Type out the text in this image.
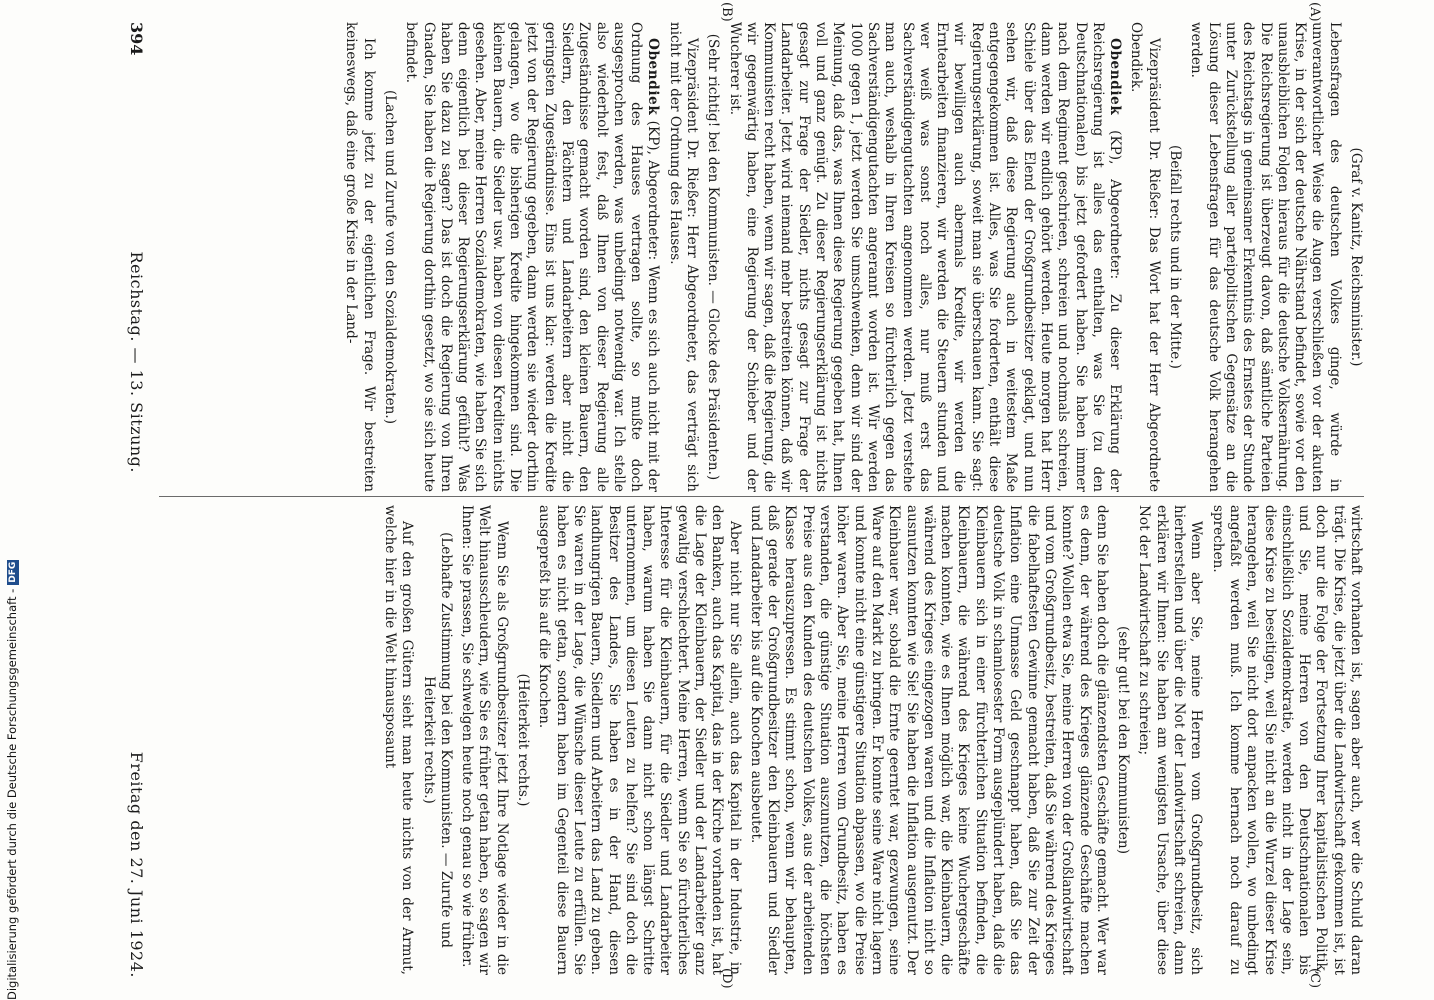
394
Reichstag. — 13. Sitzung.
Freitag den 27. Juni 1924.

(Graf v. Kanitz, Reichsminister.)

Lebensfragen des deutschen Volkes ginge, würde in unverantwortlicher Weise die Augen verschließen vor der akuten Krise, in der sich der deutsche Nährstand befindet, sowie vor den unausbleiblichen Folgen hieraus für die deutsche Volksernährung. Die Reichsregierung ist überzeugt davon, daß sämtliche Parteien des Reichstags in gemeinsamer Erkenntnis des Ernstes der Stunde unter Zurückstellung aller parteipolitischen Gegensätze an die Lösung dieser Lebensfragen für das deutsche Volk herangehen werden.

(Beifall rechts und in der Mitte.)

Vizepräsident Dr. Rießer: Das Wort hat der Herr Abgeordnete Obendiek.

Obendiek (KP), Abgeordneter: Zu dieser Erklärung der Reichsregierung ist alles das enthalten, was Sie (zu den Deutschnationalen) bis jetzt gefordert haben. Sie haben immer nach dem Regiment geschrieen, schreien und nochmals schreien, dann werden wir endlich gehört werden. Heute morgen hat Herr Schiele über das Elend der Großgrundbesitzer geklagt, und nun sehen wir, daß diese Regierung auch in weitestem Maße entgegengekommen ist. Alles, was Sie forderten, enthält diese Regierungserklärung, soweit man sie überschauen kann. Sie sagt: wir bewilligen auch abermals Kredite, wir werden die Erntearbeiten finanzieren, wir werden die Steuern stunden und wer weiß was sonst noch alles, nur muß erst das Sachverständigengutachten angenommen werden. Jetzt verstehe man auch, weshalb in Ihren Kreisen so fürchterlich gegen das Sachverständigengutachten angerannt worden ist. Wir werden 1000 gegen 1, jetzt werden Sie umschwenken, denn wir sind der Meinung, daß das, was Ihnen diese Regierung gegeben hat, Ihnen voll und ganz genügt. Zu dieser Regierungserklärung ist nichts gesagt zur Frage der Siedler, nichts gesagt zur Frage der Landarbeiter. Jetzt wird niemand mehr bestreiten können, daß wir Kommunisten recht haben, wenn wir sagen, daß die Regierung, die wir gegenwärtig haben, eine Regierung der Schieber und der Wucherer ist.

(Sehr richtig! bei den Kommunisten. — Glocke des Präsidenten.)

Vizepräsident Dr. Rießer: Herr Abgeordneter, das verträgt sich nicht mit der Ordnung des Hauses.

Obendiek (KP), Abgeordneter: Wenn es sich auch nicht mit der Ordnung des Hauses vertragen sollte, so mußte doch ausgesprochen werden, was unbedingt notwendig war. Ich stelle also wiederholt fest, daß Ihnen von dieser Regierung alle Zugeständnisse gemacht worden sind, den kleinen Bauern, den Siedlern, den Pächtern und Landarbeitern aber nicht die geringsten Zugeständnisse. Eins ist uns klar: werden die Kredite jetzt von der Regierung gegeben, dann werden sie wieder dorthin gelangen, wo die bisherigen Kredite hingekommen sind. Die kleinen Bauern, die Siedler usw. haben von diesen Krediten nichts gesehen. Aber, meine Herren Sozialdemokraten, wie haben Sie sich denn eigentlich bei dieser Regierungserklärung gefühlt? Was haben Sie dazu zu sagen? Das ist doch die Regierung von Ihren Gnaden, Sie haben die Regierung dorthin gesetzt, wo sie sich heute befindet.

(Lachen und Zurufe von den Sozialdemokraten.)

Ich komme jetzt zu der eigentlichen Frage. Wir bestreiten keineswegs, daß eine große Krise in der Land-

wirtschaft vorhanden ist, sagen aber auch, wer die Schuld daran trägt. Die Krise, die jetzt über die Landwirtschaft gekommen ist, ist doch nur die Folge der Fortsetzung Ihrer kapitalistischen Politik, und Sie, meine Herren von den Deutschnationalen bis einschließlich Sozialdemokratie, werden nicht in der Lage sein, diese Krise zu beseitigen, weil Sie nicht an die Wurzel dieser Krise herangehen, weil Sie nicht dort anpacken wollen, wo unbedingt angefaßt werden muß. Ich komme hernach noch darauf zu sprechen.

Wenn aber Sie, meine Herren vom Großgrundbesitz, sich hierherstellen und über die Not der Landwirtschaft schreien, dann erklären wir Ihnen: Sie haben am wenigsten Ursache, über diese Not der Landwirtschaft zu schreien;

(sehr gut! bei den Kommunisten)

denn Sie haben doch die glänzendsten Geschäfte gemacht. Wer war es denn, der während des Krieges glänzende Geschäfte machen konnte? Wollen etwa Sie, meine Herren von der Großlandwirtschaft und vom Großgrundbesitz, bestreiten, daß Sie während des Krieges die fabelhaftesten Gewinne gemacht haben, daß Sie zur Zeit der Inflation eine Unmasse Geld geschnappt haben, daß Sie das deutsche Volk in schamlosester Form ausgeplündert haben, daß die Kleinbauern sich in einer fürchterlichen Situation befinden, die Kleinbauern, die während des Krieges keine Wuchergeschäfte machen konnten, wie es Ihnen möglich war, die Kleinbauern, die während des Krieges eingezogen waren und die Inflation nicht so ausnutzen konnten wie Sie! Sie haben die Inflation ausgenutzt. Der Kleinbauer war, sobald die Ernte geerntet war, gezwungen, seine Ware auf den Markt zu bringen. Er konnte seine Ware nicht lagern und konnte nicht eine günstigere Situation abpassen, wo die Preise höher waren. Aber Sie, meine Herren vom Grundbesitz, haben es verstanden, die günstige Situation auszunutzen, die höchsten Preise aus den Kunden des deutschen Volkes, aus der arbeitenden Klasse herauszupressen. Es stimmt schon, wenn wir behaupten, daß gerade der Großgrundbesitzer den Kleinbauern und Siedler und Landarbeiter bis auf die Knochen ausbeutet.

Aber nicht nur Sie allein, auch das Kapital in der Industrie, in den Banken, auch das Kapital, das in der Kirche vorhanden ist, hat die Lage der Kleinbauern, der Siedler und der Landarbeiter ganz gewaltig verschlechtert. Meine Herren, wenn Sie so fürchterliches Interesse für die Kleinbauern, für die Siedler und Landarbeiter haben, warum haben Sie dann nicht schon längst Schritte unternommen, um diesen Leuten zu helfen? Sie sind doch die Besitzer des Landes, Sie haben es in der Hand, diesen landhungrigen Bauern, Siedlern und Arbeitern das Land zu geben. Sie waren in der Lage, die Wünsche dieser Leute zu erfüllen. Sie haben es nicht getan, sondern haben im Gegenteil diese Bauern ausgepreßt bis auf die Knochen.

(Heiterkeit rechts.)

Wenn Sie als Großgrundbesitzer jetzt Ihre Notlage wieder in die Welt hinausschleudern, wie Sie es früher getan haben, so sagen wir Ihnen: Sie prassen, Sie schwelgen heute noch genau so wie früher.

(Lebhafte Zustimmung bei den Kommunisten. — Zurufe und Heiterkeit rechts.)

Auf den großen Gütern sieht man heute nichts von der Armut, welche hier in die Welt hinausposaunt

(A)
(B)
(C)
(D)
Digitalisierung gefördert durch die Deutsche Forschungsgemeinschaft -DFG
